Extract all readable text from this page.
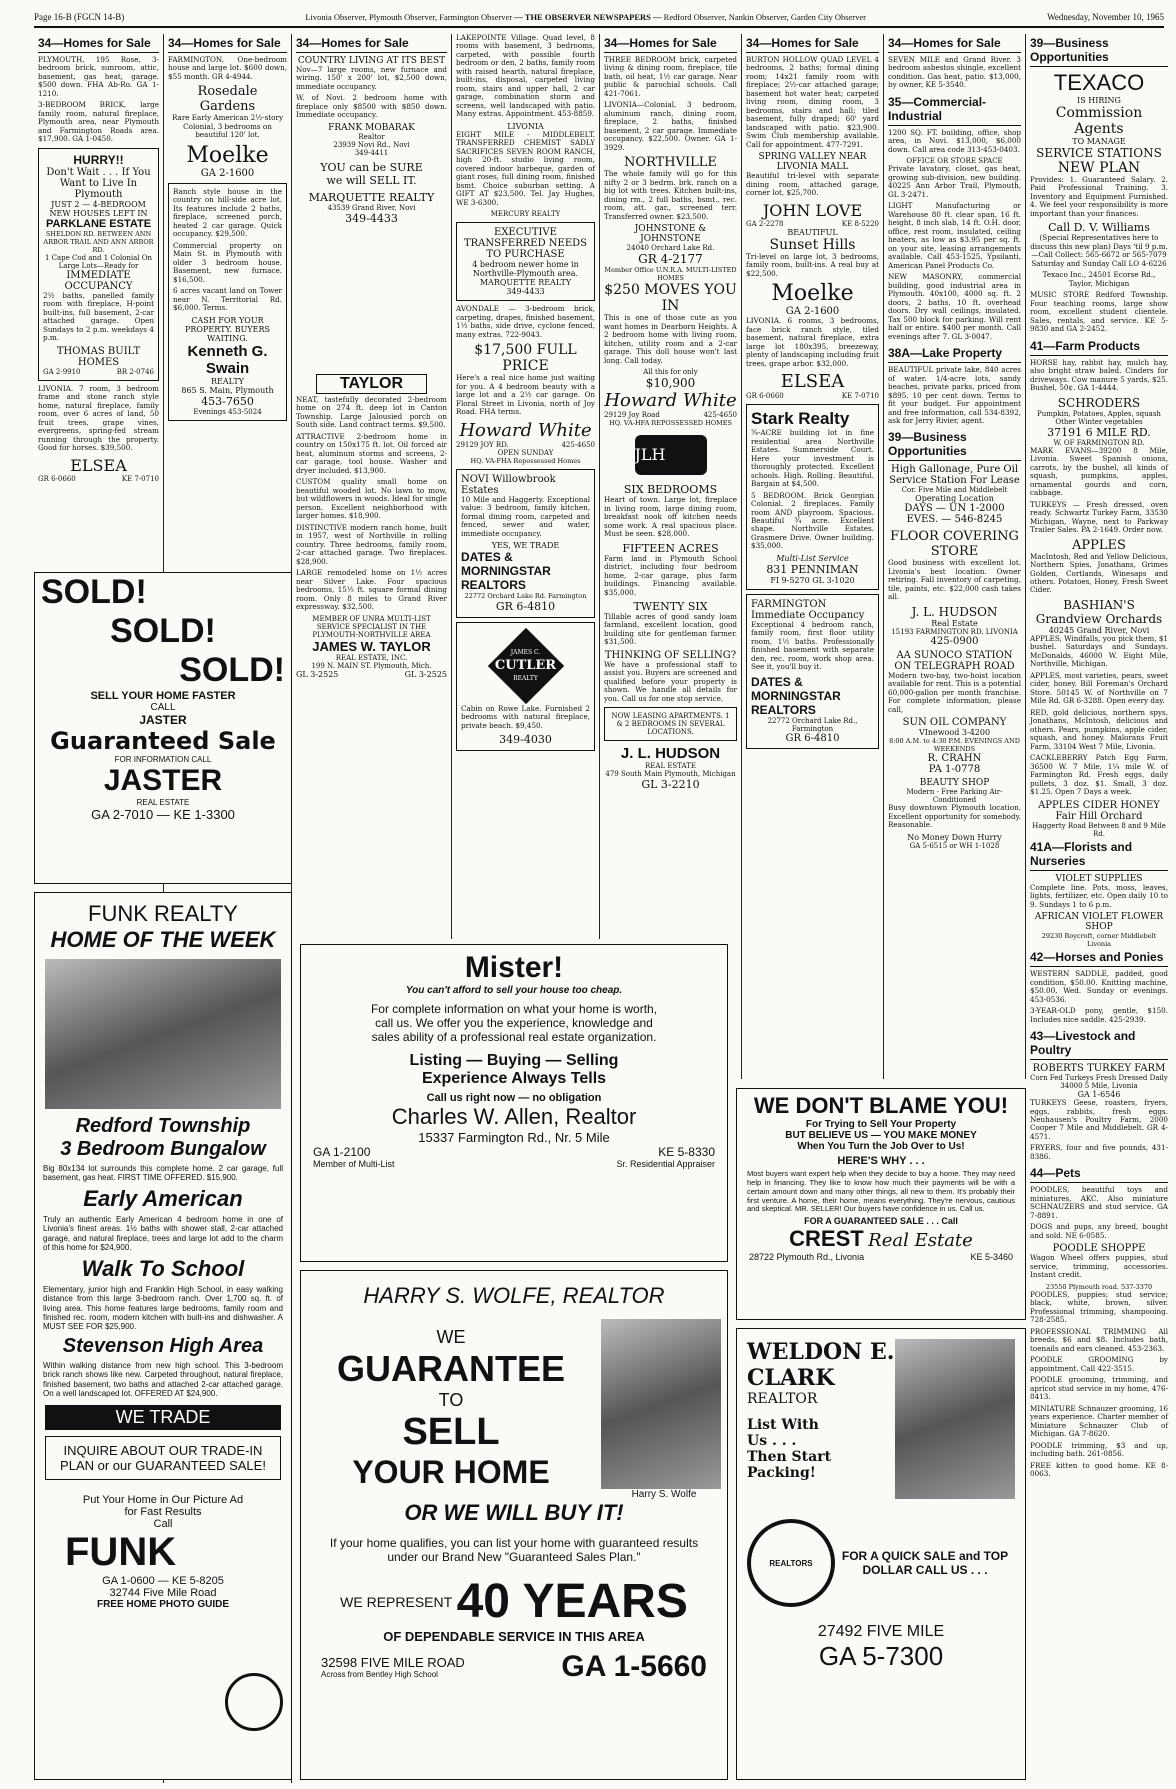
Page 16-B (FGCN 14-B)	Livonia Observer, Plymouth Observer, Farmington Observer — THE OBSERVER NEWSPAPERS — Redford Observer, Nankin Observer, Garden City Observer	Wednesday, November 10, 1965
34—Homes for Sale

PLYMOUTH, 195 Rose, 3-bedroom brick, sunroom, attic, basement, gas heat, garage. $500 down. FHA Ab-Ro. GA 1-1210.

3-BEDROOM BRICK, large family room, natural fireplace, Plymouth area, near Plymouth and Farmington Roads area. $17,900. GA 1-0450.

HURRY!!
Don't Wait . . . If You Want to Live In Plymouth
JUST 2 — 4-BEDROOM NEW HOUSES LEFT IN
PARKLANE ESTATE
SHELDON RD. BETWEEN ANN ARBOR TRAIL AND ANN ARBOR RD.
1 Cape Cod and 1 Colonial On Large Lots—Ready for
IMMEDIATE OCCUPANCY

2½ baths, panelled family room with fireplace, H-point built-ins, full basement, 2-car attached garage. Open Sundays to 2 p.m. weekdays 4 p.m.

THOMAS BUILT HOMES
GA 2-9910	BR 2-0746

LIVONIA. 7 room, 3 bedroom frame and stone ranch style home, natural fireplace, family room, over 6 acres of land, 50 fruit trees, grape vines, evergreens, spring-fed stream running through the property. Good for horses. $39,500.

ELSEA
GR 6-0660	KE 7-0710
34—Homes for Sale

FARMINGTON. One-bedroom house and large lot. $600 down, $55 month. GR 4-4944.

Rosedale Gardens

Rare Early American 2½-story Colonial, 3 bedrooms on beautiful 120' lot.

Moelke
GA 2-1600

Ranch style house in the country on hill-side acre lot. Its features include 2 baths, fireplace, screened porch, heated 2 car garage. Quick occupancy. $29,500.

Commercial property on Main St. in Plymouth with older 3 bedroom house. Basement, new furnace. $16,500.

6 acres vacant land on Tower near N. Territorial Rd. $6,000. Terms.

CASH FOR YOUR PROPERTY. BUYERS WAITING.
Kenneth G. Swain
REALTY
865 S. Main, Plymouth
453-7650
Evenings 453-5024
34—Homes for Sale
COUNTRY LIVING AT ITS BEST

Nov—7 large rooms, new furnace and wiring. 150' x 200' lot, $2,500 down, immediate occupancy.

W. of Novi. 2 bedroom home with fireplace only $8500 with $850 down. Immediate occupancy.

FRANK MOBARAK
Realtor
23939 Novi Rd., Novi
349-4411
YOU can be SURE we will SELL IT.
MARQUETTE REALTY
43539 Grand River, Novi
349-4433
TAYLOR

NEAT, tastefully decorated 2-bedroom home on 274 ft. deep lot in Canton Township. Large Jalousied porch on South side. Land contract terms. $9,500.

ATTRACTIVE 2-bedroom home in country on 150x175 ft. lot. Oil forced air heat, aluminum storms and screens, 2-car garage, tool house. Washer and dryer included. $13,900.

CUSTOM quality small home on beautiful wooded lot. No lawn to mow, but wildflowers in woods. Ideal for single person. Excellent neighborhood with larger homes. $18,900.

DISTINCTIVE modern ranch home, built in 1957, west of Northville in rolling country. Three bedrooms, family room, 2-car attached garage. Two fireplaces. $28,900.

LARGE remodeled home on 1½ acres near Silver Lake. Four spacious bedrooms, 15½ ft. square formal dining room. Only 8 miles to Grand River expressway. $32,500.

MEMBER OF UNRA MULTI-LIST SERVICE SPECIALIST IN THE PLYMOUTH-NORTHVILLE AREA
JAMES W. TAYLOR
REAL ESTATE, INC.
199 N. MAIN ST. Plymouth, Mich.
GL 3-2525	GL 3-2525

LAKEPOINTE Village. Quad level, 8 rooms with basement, 3 bedrooms, carpeted, with possible fourth bedroom or den, 2 baths, family room with raised hearth, natural fireplace, built-ins, disposal, carpeted living room, stairs and upper hall, 2 car garage, combination storm and screens, well landscaped with patio. Many extras. Appointment. 453-8859.

LIVONIA

EIGHT MILE - MIDDLEBELT. TRANSFERRED CHEMIST SADLY SACRIFICES SEVEN ROOM RANCH, high 20-ft. studio living room, covered indoor barbeque, garden of giant roses, full dining room, finished bsmt. Choice suburban setting. A GIFT AT $23,500. Tel. Jay Hughes, WE 3-6300.

MERCURY REALTY
EXECUTIVE TRANSFERRED NEEDS TO PURCHASE
4 bedroom newer home in Northville-Plymouth area.
MARQUETTE REALTY
349-4433

AVONDALE — 3-bedroom brick, carpeting, drapes, finished basement, 1½ baths, side drive, cyclone fenced, many extras. 722-9043.

$17,500 FULL PRICE

Here's a real nice home just waiting for you. A 4 bedroom beauty with a large lot and a 2½ car garage. On Floral Street in Livonia, north of Joy Road. FHA terms.

Howard White
29129 JOY RD.	425-4650
OPEN SUNDAY
HQ. VA-FHA Repossessed Homes
NOVI Willowbrook Estates

10 Mile and Haggerty. Exceptional value: 3 bedroom, family kitchen, formal dining room, carpeted and fenced, sewer and water, immediate occupancy.

YES, WE TRADE
DATES & MORNINGSTAR REALTORS
22772 Orchard Lake Rd. Farmington
GR 6-4810
JAMES C.
CUTLER
REALTY

Cabin on Rowe Lake. Furnished 2 bedrooms with natural fireplace, private beach. $9,450.

349-4030
34—Homes for Sale

THREE BEDROOM brick, carpeted living & dining room, fireplace, tile bath, oil heat, 1½ car garage. Near public & parochial schools. Call 421-7061.

LIVONIA—Colonial, 3 bedroom, aluminum ranch, dining room, fireplace, 2 baths, finished basement, 2 car garage. Immediate occupancy. $22,500. Owner. GA 1-3929.

NORTHVILLE

The whole family will go for this nifty 2 or 3 bedrm. brk. ranch on a big lot with trees. Kitchen built-ins, dining rm., 2 full baths, bsmt., rec. room, att. gar., screened terr. Transferred owner. $23,500.

JOHNSTONE & JOHNSTONE
24040 Orchard Lake Rd.
GR 4-2177
Member Office U.N.R.A. MULTI-LISTED HOMES
$250 MOVES YOU IN

This is one of those cute as you want homes in Dearborn Heights. A 2 bedroom home with living room, kitchen, utility room and a 2-car garage. This doll house won't last long. Call today.

All this for only
$10,900
Howard White
29129 Joy Road	425-4650
HQ. VA-HFA REPOSSESSED HOMES
JLH
SIX BEDROOMS

Heart of town. Large lot, fireplace in living room, large dining room, breakfast nook off kitchen needs some work. A real spacious place. Must be seen. $28,000.

FIFTEEN ACRES

Farm land in Plymouth School district, including four bedroom home, 2-car garage, plus farm buildings. Financing available. $35,000.

TWENTY SIX

Tillable acres of good sandy loam farmland, excellent location, good building site for gentleman farmer. $31,500.

THINKING OF SELLING?

We have a professional staff to assist you. Buyers are screened and qualified before your property is shown. We handle all details for you. Call us for one stop service.

NOW LEASING APARTMENTS. 1 & 2 BEDROOMS IN SEVERAL LOCATIONS.
J. L. HUDSON
REAL ESTATE
479 South Main Plymouth, Michigan
GL 3-2210
34—Homes for Sale

BURTON HOLLOW QUAD LEVEL 4 bedrooms, 2 baths; formal dining room; 14x21 family room with fireplace; 2½-car attached garage; basement hot water heat; carpeted living room, dining room, 3 bedrooms, stairs and hall; tiled basement, fully draped; 60' yard landscaped with patio. $23,900. Swim Club membership available. Call for appointment. 477-7291.

SPRING VALLEY NEAR LIVONIA MALL

Beautiful tri-level with separate dining room, attached garage, corner lot, $25,700.

JOHN LOVE
GA 2-2278	KE 8-5220
BEAUTIFUL
Sunset Hills

Tri-level on large lot, 3 bedrooms, family room, built-ins. A real buy at $22,500.

Moelke
GA 2-1600

LIVONIA. 6 rooms, 3 bedrooms, face brick ranch style, tiled basement, natural fireplace, extra large lot 180x395, breezeway, plenty of landscaping including fruit trees, grape arbor. $32,000.

ELSEA
GR 6-0660	KE 7-0710
Stark Realty

¾-ACRE building lot in fine residential area Northville Estates. Summerside Court. Here your investment is thoroughly protected. Excellent schools. High. Rolling. Beautiful. Bargain at $4,500.

5 BEDROOM. Brick Georgian Colonial. 2 fireplaces. Family room AND playroom. Spacious. Beautiful ¾ acre. Excellent shape. Northville Estates. Grasmere Drive. Owner building. $35,000.

Multi-List Service
831 PENNIMAN
FI 9-5270 GL 3-1020
FARMINGTON
Immediate Occupancy

Exceptional 4 bedroom ranch, family room, first floor utility room, 1½ baths. Professionally finished basement with separate den, rec. room, work shop area. See it, you'll buy it.

DATES & MORNINGSTAR REALTORS
22772 Orchard Lake Rd., Farmington
GR 6-4810
34—Homes for Sale

SEVEN MILE and Grand River. 3 bedroom asbestos shingle, excellent condition. Gas heat, patio. $13,000, by owner, KE 5-3540.

35—Commercial-Industrial

1200 SQ. FT. building, office, shop area, in Novi. $13,000, $6,000 down. Call area code 313-453-0403.

OFFICE OR STORE SPACE

Private lavatory, closet, gas heat, growing sub-division, new building. 40225 Ann Arbor Trail, Plymouth, GL 3-2471.

LIGHT Manufacturing or Warehouse 80 ft. clear span, 16 ft. height, 8 inch slab, 14 ft. O.H. door, office, rest room, insulated, ceiling heaters, as low as $3.95 per sq. ft. on your site, leasing arrangements available. Call 453-1525, Ypsilanti, American Panel Products Co.

NEW MASONRY, commercial building, good industrial area in Plymouth. 40x100, 4000 sq. ft. 2 doors, 2 baths, 10 ft. overhead doors. Dry wall ceilings, insulated. Tax 500 block for parking. Will rent half or entire. $400 per month. Call evenings after 7. GL 3-0047.

38A—Lake Property

BEAUTIFUL private lake, 840 acres of water. 1/4-acre lots, sandy beaches, private parks, priced from $895. 10 per cent down. Terms to fit your budget. For appointment and free information, call 534-8392, ask for Jerry Rivier, agent.

39—Business Opportunities
High Gallonage, Pure Oil Service Station For Lease
Cor. Five Mile and Middlebelt
Operating Location
DAYS — UN 1-2000
EVES. — 546-8245
FLOOR COVERING STORE

Good business with excellent lot. Livonia's best location. Owner retiring. Fall inventory of carpeting, tile, paints, etc. $22,000 cash takes all.

J. L. HUDSON
Real Estate
15193 FARMINGTON RD. LIVONIA
425-0900
AA SUNOCO STATION ON TELEGRAPH ROAD

Modern two-bay, two-hoist location available for rent. This is a potential 60,000-gallon per month franchise. For complete information, please call,

SUN OIL COMPANY
VInewood 3-4200
8:00 A.M. to 4:30 P.M. EVENINGS AND WEEKENDS
R. CRAHN
PA 1-0778
BEAUTY SHOP
Modern - Free Parking Air-Conditioned

Busy downtown Plymouth location. Excellent opportunity for somebody. Reasonable.

No Money Down Hurry
GA 5-6515 or WH 1-1028
39—Business Opportunities
TEXACO
IS HIRING
Commission Agents
TO MANAGE
SERVICE STATIONS
NEW PLAN

Provides: 1. Guaranteed Salary. 2. Paid Professional Training. 3. Inventory and Equipment Furnished. 4. We feel your responsibility is more important than your finances.

Call D. V. Williams

(Special Representatives here to discuss this new plan) Days 'til 9 p.m.—Call Collect: 565-6672 or 565-7079 Saturday and Sunday Call LO 4-6226

Texaco Inc., 24501 Ecorse Rd., Taylor, Michigan

MUSIC STORE Redford Township. Four teaching rooms, large show room, excellent student clientele. Sales, rentals, and service. KE 5-9830 and GA 2-2452.

41—Farm Products

HORSE hay, rabbit hay, mulch hay, also bright straw baled. Cinders for driveways. Cow manure 5 yards, $25. Bushel, 50¢. GA 1-4444.

SCHRODERS
Pumpkin, Potatoes, Apples, squash Other Winter vegetables
37191 6 MILE RD.
W. OF FARMINGTON RD.

MARK EVANS—39200 8 Mile, Livonia. Sweet Spanish onions, carrots, by the bushel, all kinds of squash, pumpkins, apples, ornamental gourds and corn, cabbage.

TURKEYS — Fresh dressed, oven ready. Schwartz Turkey Farm, 33530 Michigan, Wayne, next to Parkway Trailer Sales. PA 2-1649. Order now.

APPLES

MacIntosh, Red and Yellow Delicious, Northern Spies, Jonathans, Grimes Golden, Cortlands, Winesaps and others. Potatoes, Honey, Fresh Sweet Cider.

BASHIAN'S Grandview Orchards
40245 Grand River, Novi

APPLES, Windfalls, you pick them, $1 bushel. Saturdays and Sundays. McDonalds, 46000 W. Eight Mile, Northville, Michigan.

APPLES, most varieties, pears, sweet cider, honey. Bill Foreman's Orchard Store. 50145 W. of Northville on 7 Mile Rd. GR 6-3288. Open every day.

RED, gold delicious, northern spys, Jonathans, McIntosh, delicious and others. Pears, pumpkins, apple cider, squash, and honey. Malorans Fruit Farm, 33104 West 7 Mile, Livonia.

CACKLEBERRY Patch Egg Farm, 36500 W. 7 Mile, 1¼ mile W. of Farmington Rd. Fresh eggs, daily pullets, 3 doz. $1. Small, 3 doz. $1.25. Open 7 Days a week.

APPLES CIDER HONEY
Fair Hill Orchard
Haggerty Road Between 8 and 9 Mile Rd.
41A—Florists and Nurseries
VIOLET SUPPLIES

Complete line. Pots, moss, leaves, lights, fertilizer, etc. Open daily 10 to 9. Sundays 1 to 6 p.m.

AFRICAN VIOLET FLOWER SHOP
29230 Roycroft, corner Middlebelt Livonia
42—Horses and Ponies

WESTERN SADDLE, padded, good condition, $50.00. Knitting machine, $50.00, Wed. Sunday or evenings. 453-0536.

3-YEAR-OLD pony, gentle, $150. Includes nice saddle. 425-2939.

43—Livestock and Poultry
ROBERTS TURKEY FARM
Corn Fed Turkeys Fresh Dressed Daily 34000 5 Mile, Livonia
GA 1-6546

TURKEYS Geese, roasters, fryers, eggs, rabbits, fresh eggs. Neuhausen's Poultry Farm, 2000 Cooper 7 Mile and Middlebelt. GR 4-4571.

FRYERS, four and five pounds, 431-8386.

44—Pets

POODLES, beautiful toys and miniatures, AKC. Also miniature SCHNAUZERS and stud service. GA 7-8891.

DOGS and pups, any breed, bought and sold. NE 6-0585.

POODLE SHOPPE

Wagon Wheel offers puppies, stud service, trimming, accessories. Instant credit.

23550 Plymouth road. 537-3370

POODLES, puppies; stud service; black, white, brown, silver. Professional trimming, shampooing. 728-2585.

PROFESSIONAL TRIMMING All breeds, $6 and $8. Includes bath, toenails and ears cleaned. 453-2363.

POODLE GROOMING by appointment. Call 422-3515.

POODLE grooming, trimming, and apricot stud service in my home, 476-8413.

MINIATURE Schnauzer grooming, 16 years experience. Charter member of Miniature Schnauzer Club of Michigan. GA 7-8620.

POODLE trimming, $3 and up, including bath. 261-0856.

FREE kitten to good home. KE 8-0063.

SOLD!
SOLD!
SOLD!
SELL YOUR HOME FASTER
CALL
JASTER
Guaranteed Sale
FOR INFORMATION CALL
JASTER
REAL ESTATE
GA 2-7010 — KE 1-3300
FUNK REALTY
HOME OF THE WEEK
Redford Township
3 Bedroom Bungalow

Big 80x134 lot surrounds this complete home. 2 car garage, full basement, gas heat. FIRST TIME OFFERED. $15,900.

Early American

Truly an authentic Early American 4 bedroom home in one of Livonia's finest areas. 1½ baths with shower stall, 2-car attached garage, and natural fireplace, trees and large lot add to the charm of this home for $24,900.

Walk To School

Elementary, junior high and Franklin High School, in easy walking distance from this large 3-bedroom ranch. Over 1,700 sq. ft. of living area. This home features large bedrooms, family room and finished rec. room, modern kitchen with built-ins and dishwasher. A MUST SEE FOR $25,900.

Stevenson High Area

Within walking distance from new high school. This 3-bedroom brick ranch shows like new. Carpeted throughout, natural fireplace, finished basement, two baths and attached 2-car attached garage. On a well landscaped lot. OFFERED AT $24,900.

WE TRADE
INQUIRE ABOUT OUR TRADE-IN PLAN or our GUARANTEED SALE!
Put Your Home in Our Picture Ad for Fast Results
Call
FUNK
GA 1-0600 — KE 5-8205
32744 Five Mile Road
FREE HOME PHOTO GUIDE
Mister!
You can't afford to sell your house too cheap.
For complete information on what your home is worth, call us. We offer you the experience, knowledge and sales ability of a professional real estate organization.
Listing — Buying — Selling Experience Always Tells
Call us right now — no obligation
Charles W. Allen, Realtor
15337 Farmington Rd., Nr. 5 Mile
GA 1-2100	KE 5-8330
Member of Multi-List	Sr. Residential Appraiser
HARRY S. WOLFE, REALTOR
WE
GUARANTEE
TO
SELL
YOUR HOME
Harry S. Wolfe
OR WE WILL BUY IT!
If your home qualifies, you can list your home with guaranteed results under our Brand New "Guaranteed Sales Plan."
WE REPRESENT
40 YEARS
OF DEPENDABLE SERVICE IN THIS AREA
32598 FIVE MILE ROAD
Across from Bentley High School	GA 1-5660
WE DON'T BLAME YOU!
For Trying to Sell Your Property
BUT BELIEVE US — YOU MAKE MONEY
When You Turn the Job Over to Us!
HERE'S WHY . . .

Most buyers want expert help when they decide to buy a home. They may need help in financing. They like to know how much their payments will be with a certain amount down and many other things, all new to them. It's probably their first venture. A home, their home, means everything. They're nervous, cautious and skeptical. MR. SELLER! Our buyers have confidence in us. Call us.

FOR A GUARANTEED SALE . . . Call
CREST Real Estate
28722 Plymouth Rd., Livonia	KE 5-3460
WELDON E.
CLARK
REALTOR
List With Us . . . Then Start Packing!
REALTORS	FOR A QUICK SALE and TOP DOLLAR CALL US . . .
27492 FIVE MILE
GA 5-7300
